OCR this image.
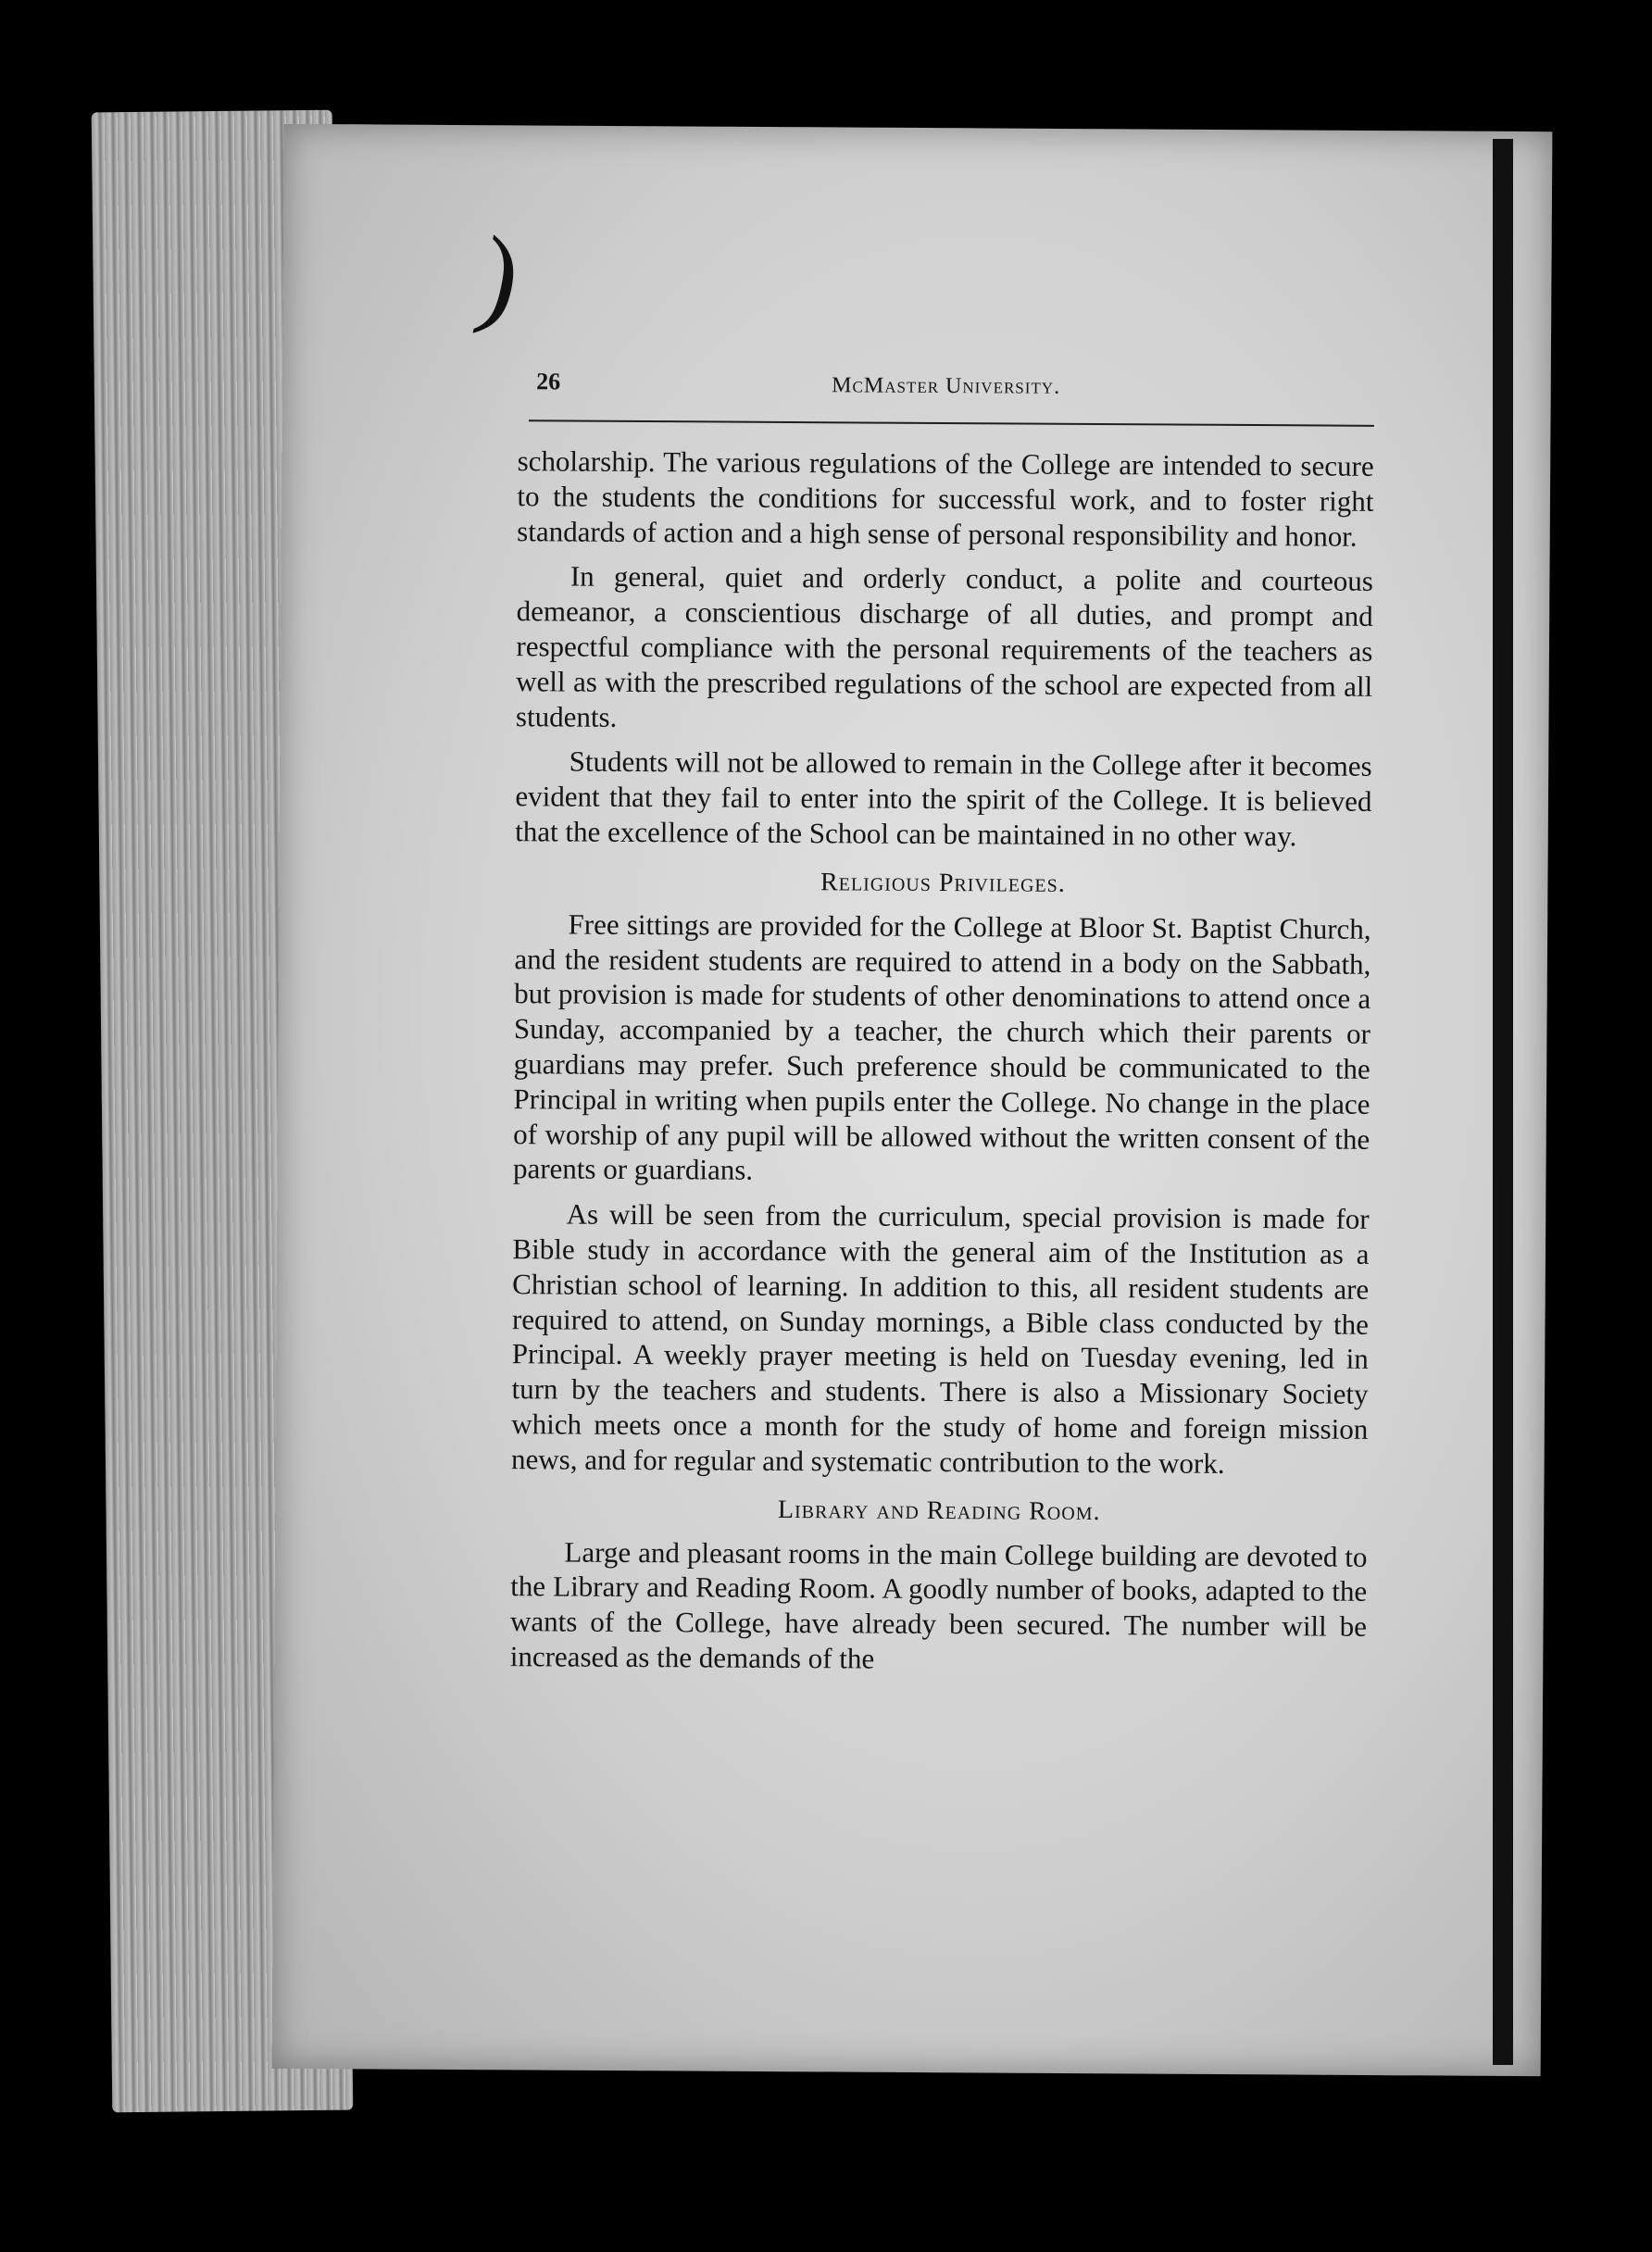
)
26	McMaster University.

scholarship. The various regulations of the College are intended to secure to the students the conditions for successful work, and to foster right standards of action and a high sense of personal responsibility and honor.

In general, quiet and orderly conduct, a polite and courteous demeanor, a conscientious discharge of all duties, and prompt and respectful compliance with the personal requirements of the teachers as well as with the prescribed regulations of the school are expected from all students.

Students will not be allowed to remain in the College after it becomes evident that they fail to enter into the spirit of the College. It is believed that the excellence of the School can be maintained in no other way.

Religious Privileges.

Free sittings are provided for the College at Bloor St. Baptist Church, and the resident students are required to attend in a body on the Sabbath, but provision is made for students of other denominations to attend once a Sunday, accompanied by a teacher, the church which their parents or guardians may prefer. Such preference should be communicated to the Principal in writing when pupils enter the College. No change in the place of worship of any pupil will be allowed without the written consent of the parents or guardians.

As will be seen from the curriculum, special provision is made for Bible study in accordance with the general aim of the Institution as a Christian school of learning. In addition to this, all resident students are required to attend, on Sunday mornings, a Bible class conducted by the Principal. A weekly prayer meeting is held on Tuesday evening, led in turn by the teachers and students. There is also a Missionary Society which meets once a month for the study of home and foreign mission news, and for regular and systematic contribution to the work.

Library and Reading Room.

Large and pleasant rooms in the main College building are devoted to the Library and Reading Room. A goodly number of books, adapted to the wants of the College, have already been secured. The number will be increased as the demands of the
